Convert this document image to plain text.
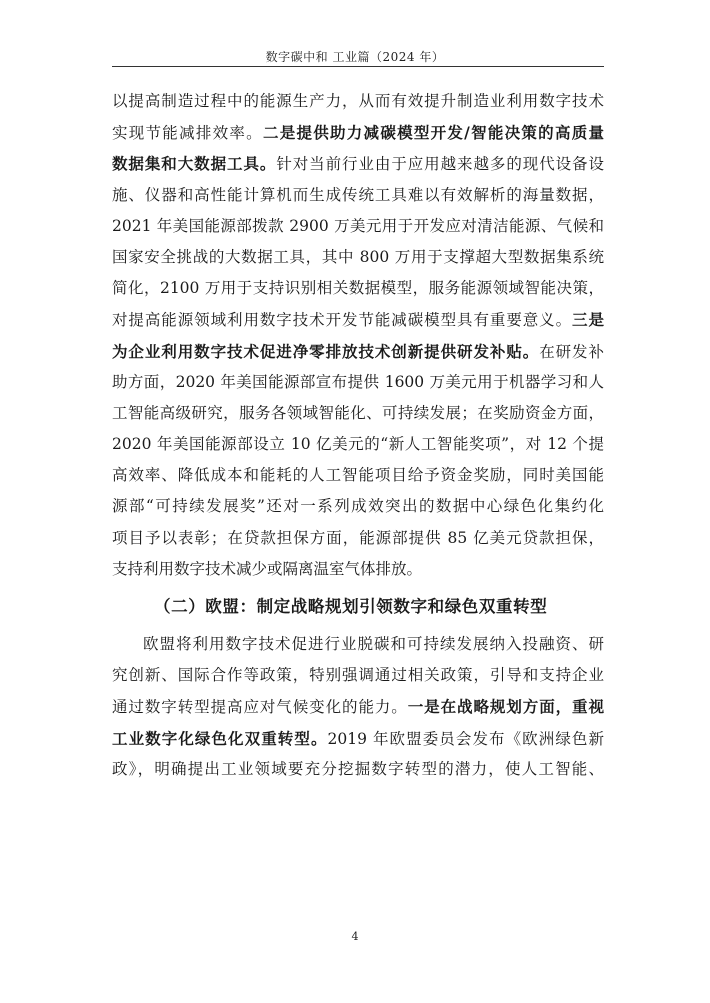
数字碳中和 工业篇（2024 年）
以提高制造过程中的能源生产力，从而有效提升制造业利用数字技术
实现节能减排效率。二是提供助力减碳模型开发/智能决策的高质量
数据集和大数据工具。针对当前行业由于应用越来越多的现代设备设
施、仪器和高性能计算机而生成传统工具难以有效解析的海量数据，
2021 年美国能源部拨款 2900 万美元用于开发应对清洁能源、气候和
国家安全挑战的大数据工具，其中 800 万用于支撑超大型数据集系统
简化，2100 万用于支持识别相关数据模型，服务能源领域智能决策，
对提高能源领域利用数字技术开发节能减碳模型具有重要意义。三是
为企业利用数字技术促进净零排放技术创新提供研发补贴。在研发补
助方面，2020 年美国能源部宣布提供 1600 万美元用于机器学习和人
工智能高级研究，服务各领域智能化、可持续发展；在奖励资金方面，
2020 年美国能源部设立 10 亿美元的“新人工智能奖项”，对 12 个提
高效率、降低成本和能耗的人工智能项目给予资金奖励，同时美国能
源部“可持续发展奖”还对一系列成效突出的数据中心绿色化集约化
项目予以表彰；在贷款担保方面，能源部提供 85 亿美元贷款担保，
支持利用数字技术减少或隔离温室气体排放。
（二）欧盟：制定战略规划引领数字和绿色双重转型
欧盟将利用数字技术促进行业脱碳和可持续发展纳入投融资、研
究创新、国际合作等政策，特别强调通过相关政策，引导和支持企业
通过数字转型提高应对气候变化的能力。一是在战略规划方面，重视
工业数字化绿色化双重转型。2019 年欧盟委员会发布《欧洲绿色新
政》，明确提出工业领域要充分挖掘数字转型的潜力，使人工智能、
4
